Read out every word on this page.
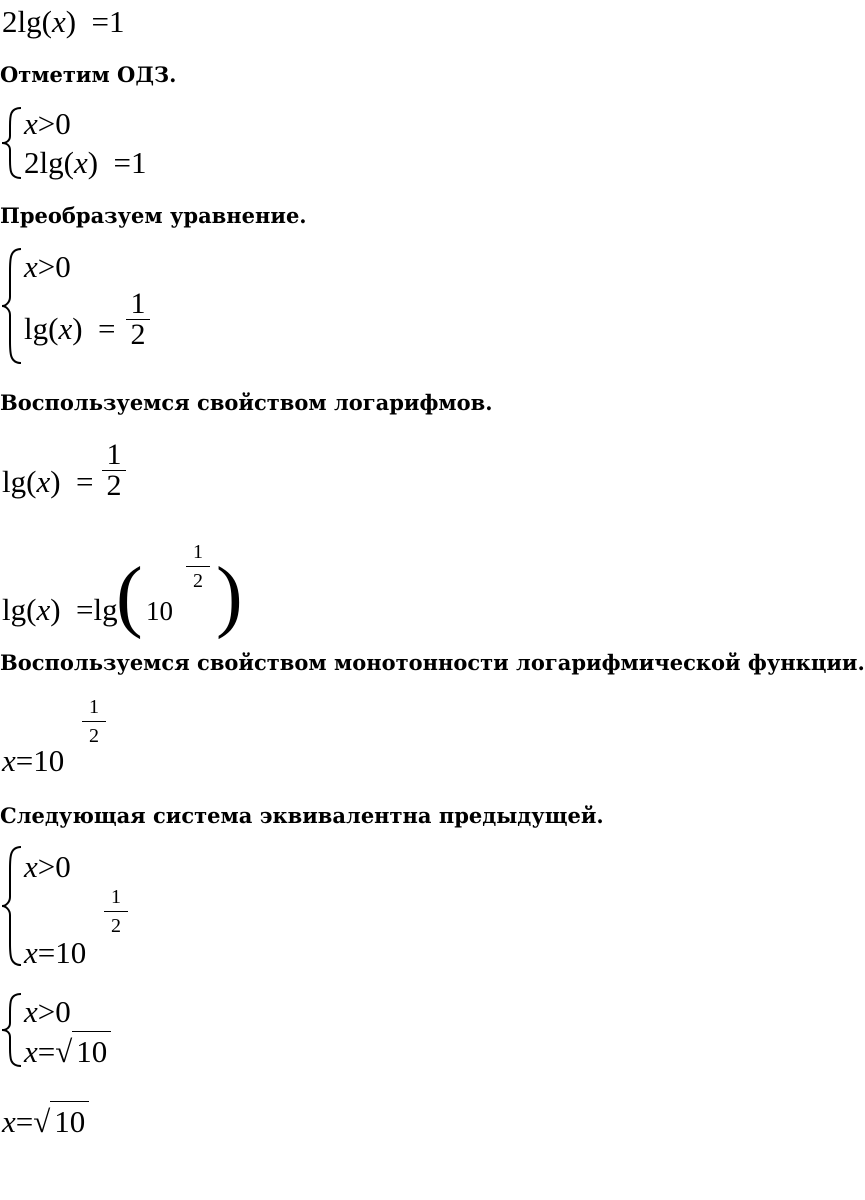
2lg(x) =1
Отметим ОДЗ.
x>0
2lg(x) =1
Преобразуем уравнение.
x>0
lg(x) =
1
2
Воспользуемся свойством логарифмов.
lg(x) =
1
2
lg(x) =lg
( 10
1
2 )
Воспользуемся свойством монотонности логарифмической функции.
x=10
1
2
Следующая система эквивалентна предыдущей.
x>0
x=10
1
2
x>0
x=√ 10
x=√ 10
